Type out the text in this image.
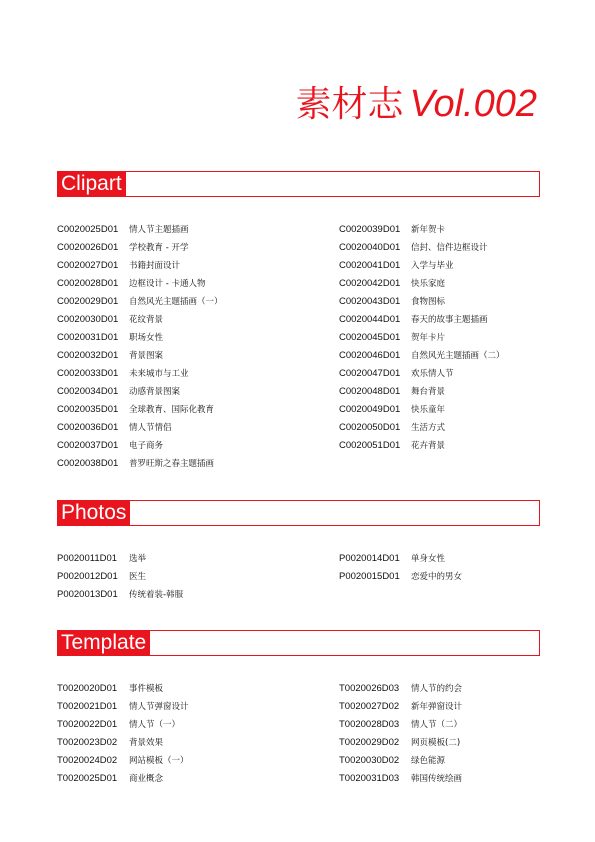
素材志 Vol.002
Clipart
C0020025D01 情人节主题插画
C0020026D01 学校教育 - 开学
C0020027D01 书籍封面设计
C0020028D01 边框设计 - 卡通人物
C0020029D01 自然风光主题插画（一）
C0020030D01 花纹背景
C0020031D01 职场女性
C0020032D01 背景图案
C0020033D01 未来城市与工业
C0020034D01 动感背景图案
C0020035D01 全球教育、国际化教育
C0020036D01 情人节情侣
C0020037D01 电子商务
C0020038D01 普罗旺斯之春主题插画
C0020039D01 新年贺卡
C0020040D01 信封、信件边框设计
C0020041D01 入学与毕业
C0020042D01 快乐家庭
C0020043D01 食物图标
C0020044D01 春天的故事主题插画
C0020045D01 贺年卡片
C0020046D01 自然风光主题插画（二）
C0020047D01 欢乐情人节
C0020048D01 舞台背景
C0020049D01 快乐童年
C0020050D01 生活方式
C0020051D01 花卉背景
Photos
P0020011D01 选举
P0020012D01 医生
P0020013D01 传统着装-韩服
P0020014D01 单身女性
P0020015D01 恋爱中的男女
Template
T0020020D01 事件模板
T0020021D01 情人节弹窗设计
T0020022D01 情人节（一）
T0020023D02 背景效果
T0020024D02 网站模板（一）
T0020025D01 商业概念
T0020026D03 情人节的约会
T0020027D02 新年弹窗设计
T0020028D03 情人节（二）
T0020029D02 网页模板(二)
T0020030D02 绿色能源
T0020031D03 韩国传统绘画
